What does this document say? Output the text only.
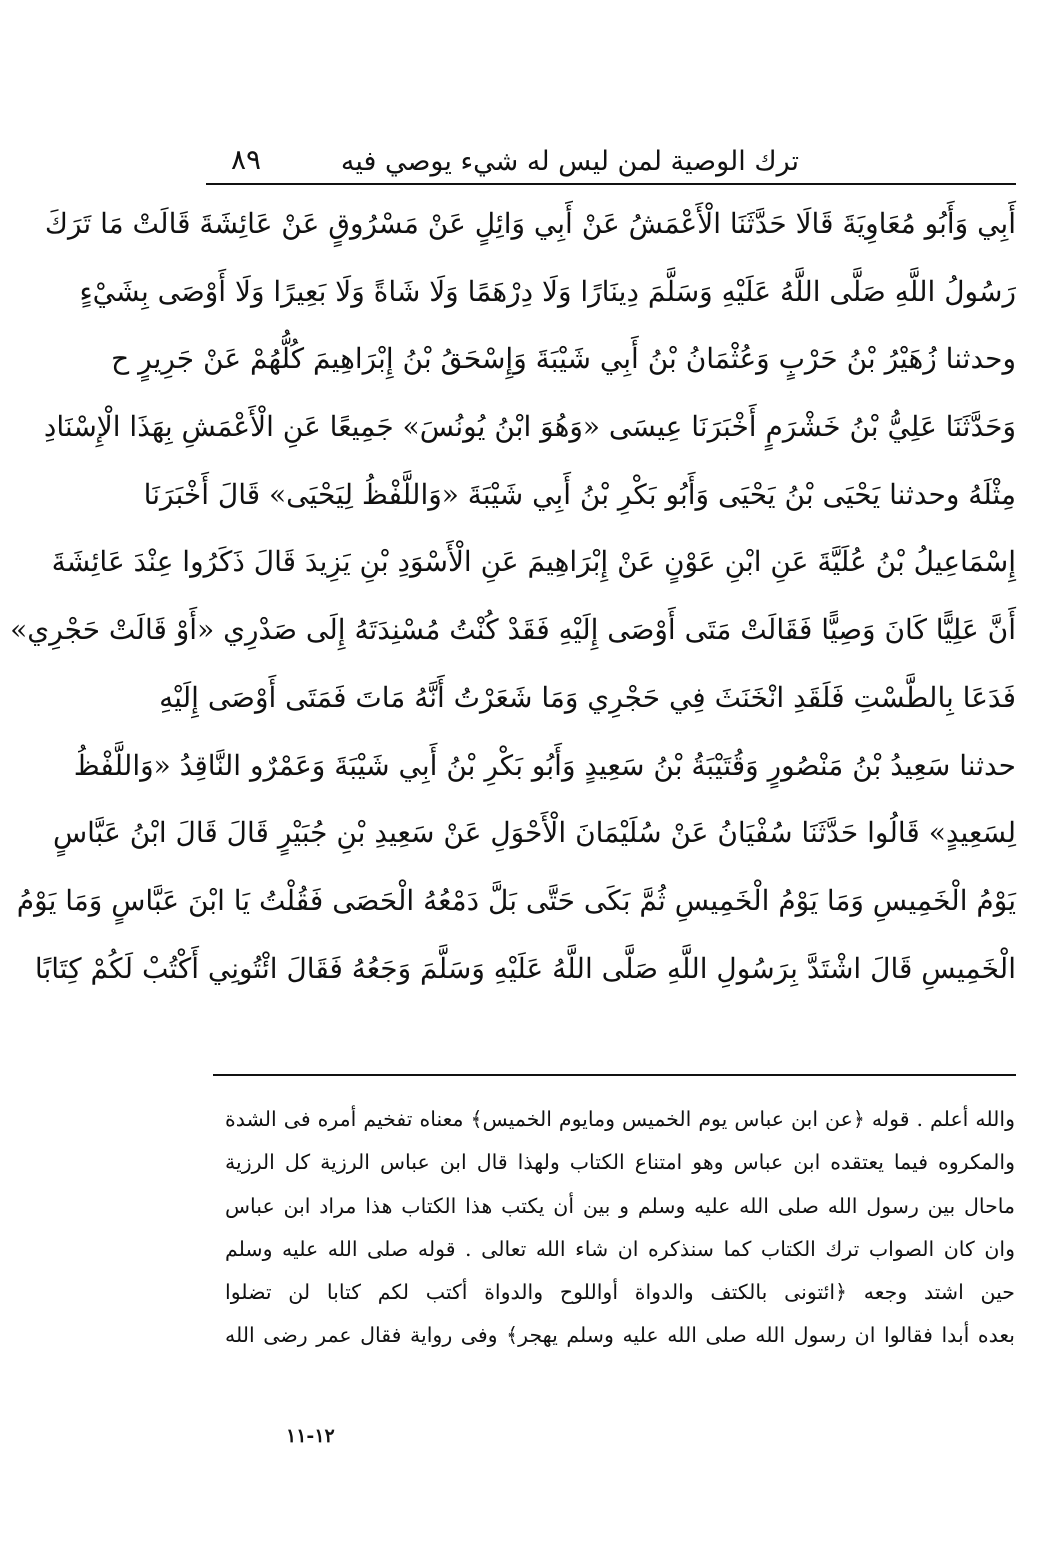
ترك الوصية لمن ليس له شيء يوصي فيه
٨٩
أَبِي وَأَبُو مُعَاوِيَةَ قَالَا حَدَّثَنَا الْأَعْمَشُ عَنْ أَبِي وَائِلٍ عَنْ مَسْرُوقٍ عَنْ عَائِشَةَ قَالَتْ مَا تَرَكَ
رَسُولُ اللَّهِ صَلَّى اللَّهُ عَلَيْهِ وَسَلَّمَ دِينَارًا وَلَا دِرْهَمًا وَلَا شَاةً وَلَا بَعِيرًا وَلَا أَوْصَى بِشَيْءٍ
وحدثنا زُهَيْرُ بْنُ حَرْبٍ وَعُثْمَانُ بْنُ أَبِي شَيْبَةَ وَإِسْحَقُ بْنُ إِبْرَاهِيمَ كُلُّهُمْ عَنْ جَرِيرٍ ح
وَحَدَّثَنَا عَلِيُّ بْنُ خَشْرَمٍ أَخْبَرَنَا عِيسَى «وَهُوَ ابْنُ يُونُسَ» جَمِيعًا عَنِ الْأَعْمَشِ بِهَذَا الْإِسْنَادِ
مِثْلَهُ وحدثنا يَحْيَى بْنُ يَحْيَى وَأَبُو بَكْرِ بْنُ أَبِي شَيْبَةَ «وَاللَّفْظُ لِيَحْيَى» قَالَ أَخْبَرَنَا
إِسْمَاعِيلُ بْنُ عُلَيَّةَ عَنِ ابْنِ عَوْنٍ عَنْ إِبْرَاهِيمَ عَنِ الْأَسْوَدِ بْنِ يَزِيدَ قَالَ ذَكَرُوا عِنْدَ عَائِشَةَ
أَنَّ عَلِيًّا كَانَ وَصِيًّا فَقَالَتْ مَتَى أَوْصَى إِلَيْهِ فَقَدْ كُنْتُ مُسْنِدَتَهُ إِلَى صَدْرِي «أَوْ قَالَتْ حَجْرِي»
فَدَعَا بِالطَّسْتِ فَلَقَدِ انْخَنَثَ فِي حَجْرِي وَمَا شَعَرْتُ أَنَّهُ مَاتَ فَمَتَى أَوْصَى إِلَيْهِ
حدثنا سَعِيدُ بْنُ مَنْصُورٍ وَقُتَيْبَةُ بْنُ سَعِيدٍ وَأَبُو بَكْرِ بْنُ أَبِي شَيْبَةَ وَعَمْرٌو النَّاقِدُ «وَاللَّفْظُ
لِسَعِيدٍ» قَالُوا حَدَّثَنَا سُفْيَانُ عَنْ سُلَيْمَانَ الْأَحْوَلِ عَنْ سَعِيدِ بْنِ جُبَيْرٍ قَالَ قَالَ ابْنُ عَبَّاسٍ
يَوْمُ الْخَمِيسِ وَمَا يَوْمُ الْخَمِيسِ ثُمَّ بَكَى حَتَّى بَلَّ دَمْعُهُ الْحَصَى فَقُلْتُ يَا ابْنَ عَبَّاسٍ وَمَا يَوْمُ
الْخَمِيسِ قَالَ اشْتَدَّ بِرَسُولِ اللَّهِ صَلَّى اللَّهُ عَلَيْهِ وَسَلَّمَ وَجَعُهُ فَقَالَ ائْتُونِي أَكْتُبْ لَكُمْ كِتَابًا
والله أعلم . قوله ﴿عن ابن عباس يوم الخميس ومايوم الخميس﴾ معناه تفخيم أمره فى الشدة
والمكروه فيما يعتقده ابن عباس وهو امتناع الكتاب ولهذا قال ابن عباس الرزية كل الرزية
ماحال بين رسول الله صلى الله عليه وسلم و بين أن يكتب هذا الكتاب هذا مراد ابن عباس
وان كان الصواب ترك الكتاب كما سنذكره ان شاء الله تعالى . قوله صلى الله عليه وسلم
حين اشتد وجعه ﴿ائتونى بالكتف والدواة أواللوح والدواة أكتب لكم كتابا لن تضلوا
بعده أبدا فقالوا ان رسول الله صلى الله عليه وسلم يهجر﴾ وفى رواية فقال عمر رضى الله
١٢-١١
